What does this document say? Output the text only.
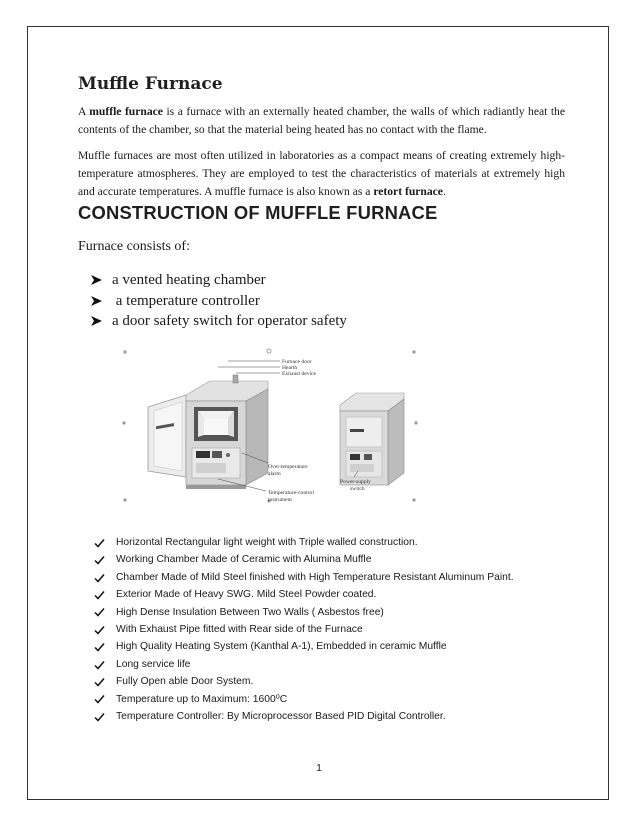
Muffle Furnace
A muffle furnace is a furnace with an externally heated chamber, the walls of which radiantly heat the contents of the chamber, so that the material being heated has no contact with the flame.
Muffle furnaces are most often utilized in laboratories as a compact means of creating extremely high-temperature atmospheres. They are employed to test the characteristics of materials at extremely high and accurate temperatures. A muffle furnace is also known as a retort furnace.
CONSTRUCTION OF MUFFLE FURNACE
Furnace consists of:
a vented heating chamber
a temperature controller
a door safety switch for operator safety
Furnace door
Hearth
Exhaust device
Over-temperature
alarm
Temperature-control
instrument
Power-supply
switch
Horizontal Rectangular light weight with Triple walled construction.
Working Chamber Made of Ceramic with Alumina Muffle
Chamber Made of Mild Steel finished with High Temperature Resistant Aluminum Paint.
Exterior Made of Heavy SWG. Mild Steel Powder coated.
High Dense Insulation Between Two Walls ( Asbestos free)
With Exhaust Pipe fitted with Rear side of the Furnace
High Quality Heating System (Kanthal A-1), Embedded in ceramic Muffle
Long service life
Fully Open able Door System.
Temperature up to Maximum: 1600⁰C
Temperature Controller: By Microprocessor Based PID Digital Controller.
1
